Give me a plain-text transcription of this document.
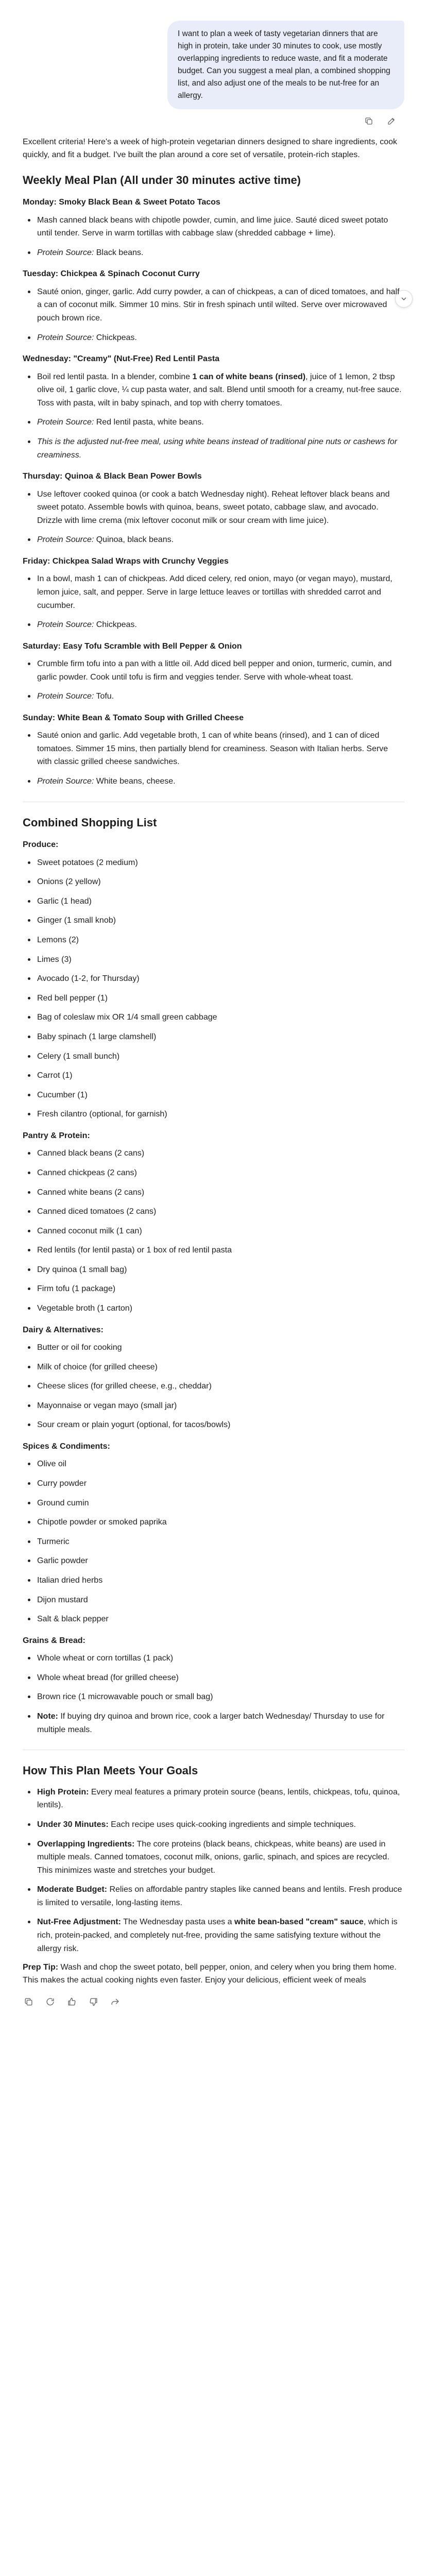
I want to plan a week of tasty vegetarian dinners that are high in protein, take under 30 minutes to cook, use mostly overlapping ingredients to reduce waste, and fit a moderate budget. Can you suggest a meal plan, a combined shopping list, and also adjust one of the meals to be nut-free for an allergy.

Excellent criteria! Here's a week of high-protein vegetarian dinners designed to share ingredients, cook quickly, and fit a budget. I've built the plan around a core set of versatile, protein-rich staples.

Weekly Meal Plan (All under 30 minutes active time)
Monday: Smoky Black Bean & Sweet Potato Tacos
Mash canned black beans with chipotle powder, cumin, and lime juice. Sauté diced sweet potato until tender. Serve in warm tortillas with cabbage slaw (shredded cabbage + lime).
Protein Source: Black beans.
Tuesday: Chickpea & Spinach Coconut Curry
Sauté onion, ginger, garlic. Add curry powder, a can of chickpeas, a can of diced tomatoes, and half a can of coconut milk. Simmer 10 mins. Stir in fresh spinach until wilted. Serve over microwaved pouch brown rice.
Protein Source: Chickpeas.
Wednesday: "Creamy" (Nut-Free) Red Lentil Pasta
Boil red lentil pasta. In a blender, combine 1 can of white beans (rinsed), juice of 1 lemon, 2 tbsp olive oil, 1 garlic clove, ¼ cup pasta water, and salt. Blend until smooth for a creamy, nut-free sauce. Toss with pasta, wilt in baby spinach, and top with cherry tomatoes.
Protein Source: Red lentil pasta, white beans.
This is the adjusted nut-free meal, using white beans instead of traditional pine nuts or cashews for creaminess.
Thursday: Quinoa & Black Bean Power Bowls
Use leftover cooked quinoa (or cook a batch Wednesday night). Reheat leftover black beans and sweet potato. Assemble bowls with quinoa, beans, sweet potato, cabbage slaw, and avocado. Drizzle with lime crema (mix leftover coconut milk or sour cream with lime juice).
Protein Source: Quinoa, black beans.
Friday: Chickpea Salad Wraps with Crunchy Veggies
In a bowl, mash 1 can of chickpeas. Add diced celery, red onion, mayo (or vegan mayo), mustard, lemon juice, salt, and pepper. Serve in large lettuce leaves or tortillas with shredded carrot and cucumber.
Protein Source: Chickpeas.
Saturday: Easy Tofu Scramble with Bell Pepper & Onion
Crumble firm tofu into a pan with a little oil. Add diced bell pepper and onion, turmeric, cumin, and garlic powder. Cook until tofu is firm and veggies tender. Serve with whole-wheat toast.
Protein Source: Tofu.
Sunday: White Bean & Tomato Soup with Grilled Cheese
Sauté onion and garlic. Add vegetable broth, 1 can of white beans (rinsed), and 1 can of diced tomatoes. Simmer 15 mins, then partially blend for creaminess. Season with Italian herbs. Serve with classic grilled cheese sandwiches.
Protein Source: White beans, cheese.
Combined Shopping List
Produce:
Sweet potatoes (2 medium)
Onions (2 yellow)
Garlic (1 head)
Ginger (1 small knob)
Lemons (2)
Limes (3)
Avocado (1-2, for Thursday)
Red bell pepper (1)
Bag of coleslaw mix OR 1/4 small green cabbage
Baby spinach (1 large clamshell)
Celery (1 small bunch)
Carrot (1)
Cucumber (1)
Fresh cilantro (optional, for garnish)
Pantry & Protein:
Canned black beans (2 cans)
Canned chickpeas (2 cans)
Canned white beans (2 cans)
Canned diced tomatoes (2 cans)
Canned coconut milk (1 can)
Red lentils (for lentil pasta) or 1 box of red lentil pasta
Dry quinoa (1 small bag)
Firm tofu (1 package)
Vegetable broth (1 carton)
Dairy & Alternatives:
Butter or oil for cooking
Milk of choice (for grilled cheese)
Cheese slices (for grilled cheese, e.g., cheddar)
Mayonnaise or vegan mayo (small jar)
Sour cream or plain yogurt (optional, for tacos/bowls)
Spices & Condiments:
Olive oil
Curry powder
Ground cumin
Chipotle powder or smoked paprika
Turmeric
Garlic powder
Italian dried herbs
Dijon mustard
Salt & black pepper
Grains & Bread:
Whole wheat or corn tortillas (1 pack)
Whole wheat bread (for grilled cheese)
Brown rice (1 microwavable pouch or small bag)
Note: If buying dry quinoa and brown rice, cook a larger batch Wednesday/ Thursday to use for multiple meals.
How This Plan Meets Your Goals
High Protein: Every meal features a primary protein source (beans, lentils, chickpeas, tofu, quinoa, lentils).
Under 30 Minutes: Each recipe uses quick-cooking ingredients and simple techniques.
Overlapping Ingredients: The core proteins (black beans, chickpeas, white beans) are used in multiple meals. Canned tomatoes, coconut milk, onions, garlic, spinach, and spices are recycled. This minimizes waste and stretches your budget.
Moderate Budget: Relies on affordable pantry staples like canned beans and lentils. Fresh produce is limited to versatile, long-lasting items.
Nut-Free Adjustment: The Wednesday pasta uses a white bean-based "cream" sauce, which is rich, protein-packed, and completely nut-free, providing the same satisfying texture without the allergy risk.

Prep Tip: Wash and chop the sweet potato, bell pepper, onion, and celery when you bring them home. This makes the actual cooking nights even faster. Enjoy your delicious, efficient week of meals
